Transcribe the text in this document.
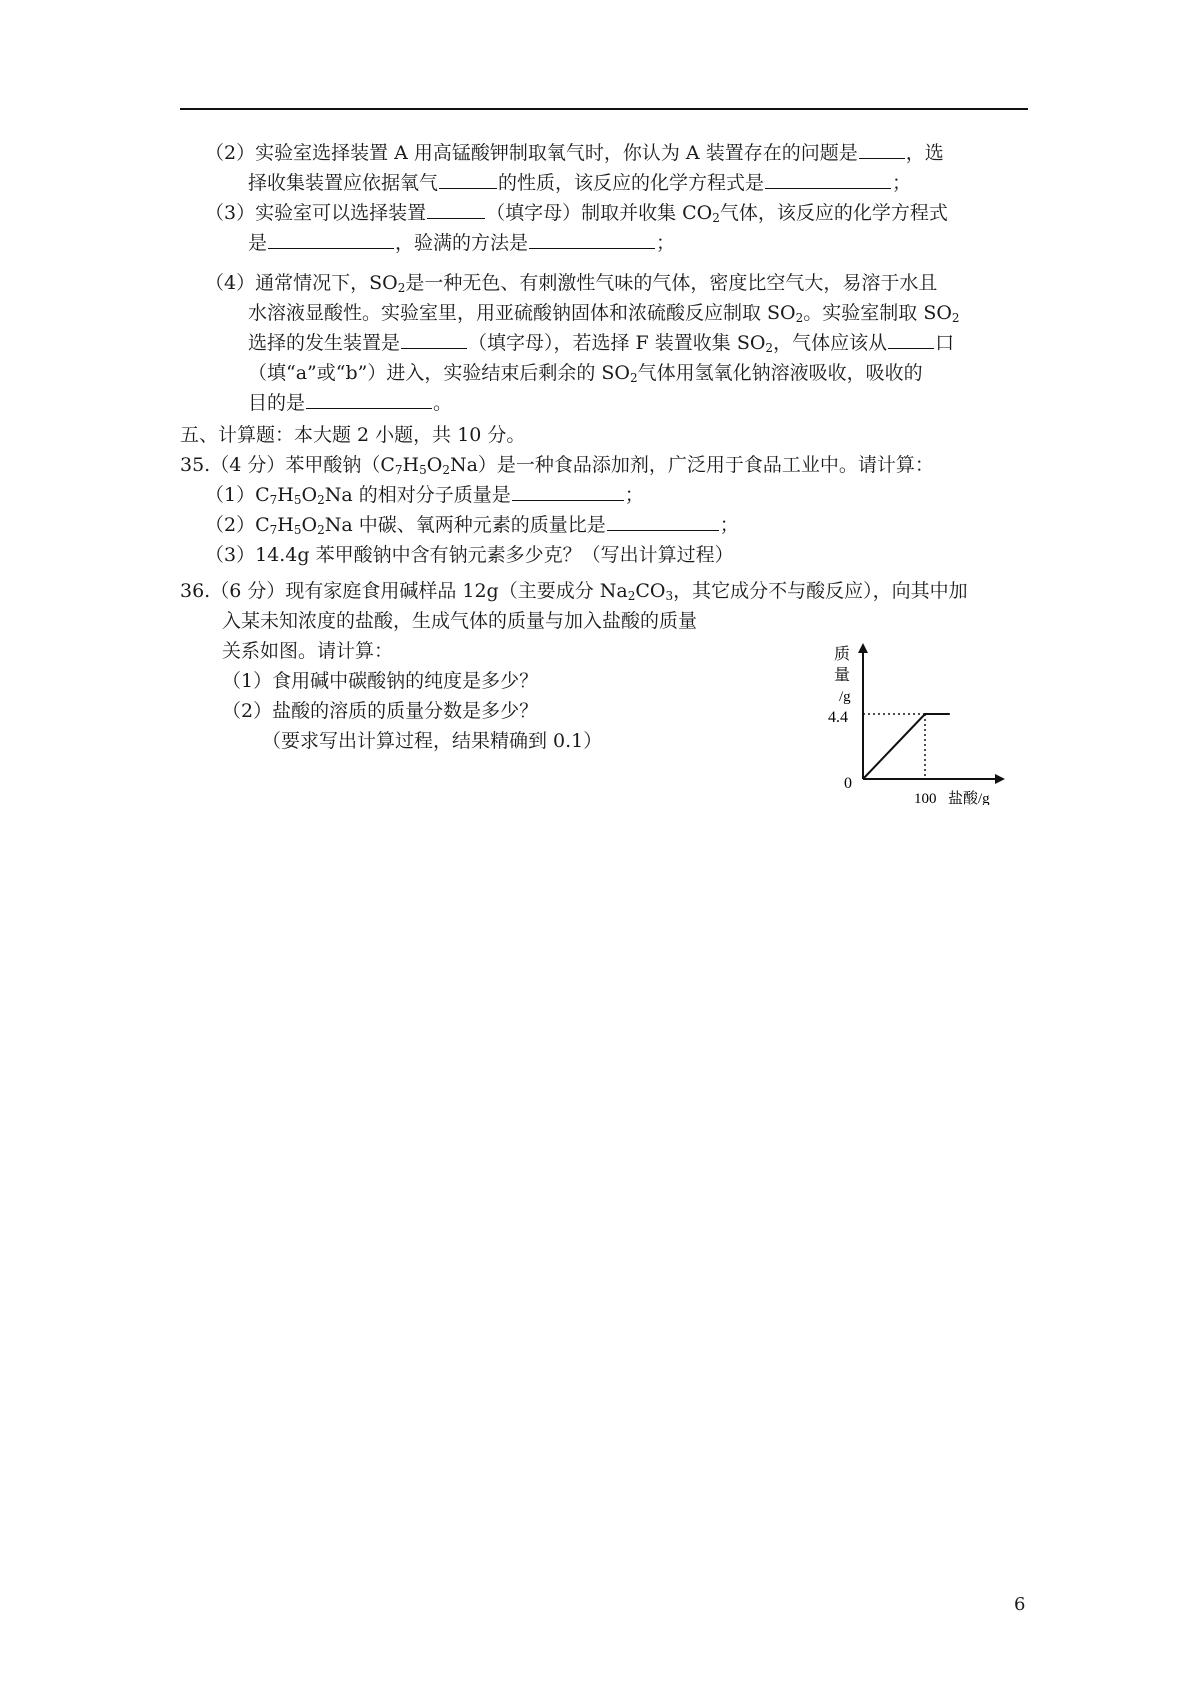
（2）实验室选择装置 A 用高锰酸钾制取氧气时，你认为 A 装置存在的问题是	，选
择收集装置应依据氧气	的性质，该反应的化学方程式是	；
（3）实验室可以选择装置	（填字母）制取并收集 $CO_2$气体，该反应的化学方程式
是	，验满的方法是	；
（4）通常情况下，$SO_2$是一种无色、有刺激性气味的气体，密度比空气大，易溶于水且
水溶液显酸性。实验室里，用亚硫酸钠固体和浓硫酸反应制取 $SO_2$。实验室制取 $SO_2$
选择的发生装置是	（填字母），若选择 F 装置收集 $SO_2$，气体应该从	口
（填“a”或“b”）进入，实验结束后剩余的 $SO_2$气体用氢氧化钠溶液吸收，吸收的
目的是	。
五、计算题：本大题 2 小题，共 10 分。
35.（4 分）苯甲酸钠$(C_7H_5O_2Na)$是一种食品添加剂，广泛用于食品工业中。请计算：
$(1)C_7H_5O_2Na$ 的相对分子质量是	；
$(2)C_7H_5O_2Na$ 中碳、氧两种元素的质量比是	；
（3）14.4g 苯甲酸钠中含有钠元素多少克？（写出计算过程）
36.（6 分）现有家庭食用碱样品 12g（主要成分 $Na_2CO_3$，其它成分不与酸反应），向其中加
入某未知浓度的盐酸，生成气体的质量与加入盐酸的质量
关系如图。请计算：
（1）食用碱中碳酸钠的纯度是多少？
（2）盐酸的溶质的质量分数是多少？
（要求写出计算过程，结果精确到 0.1）
质
量
/g
0
4.4
100 盐酸/g
6
